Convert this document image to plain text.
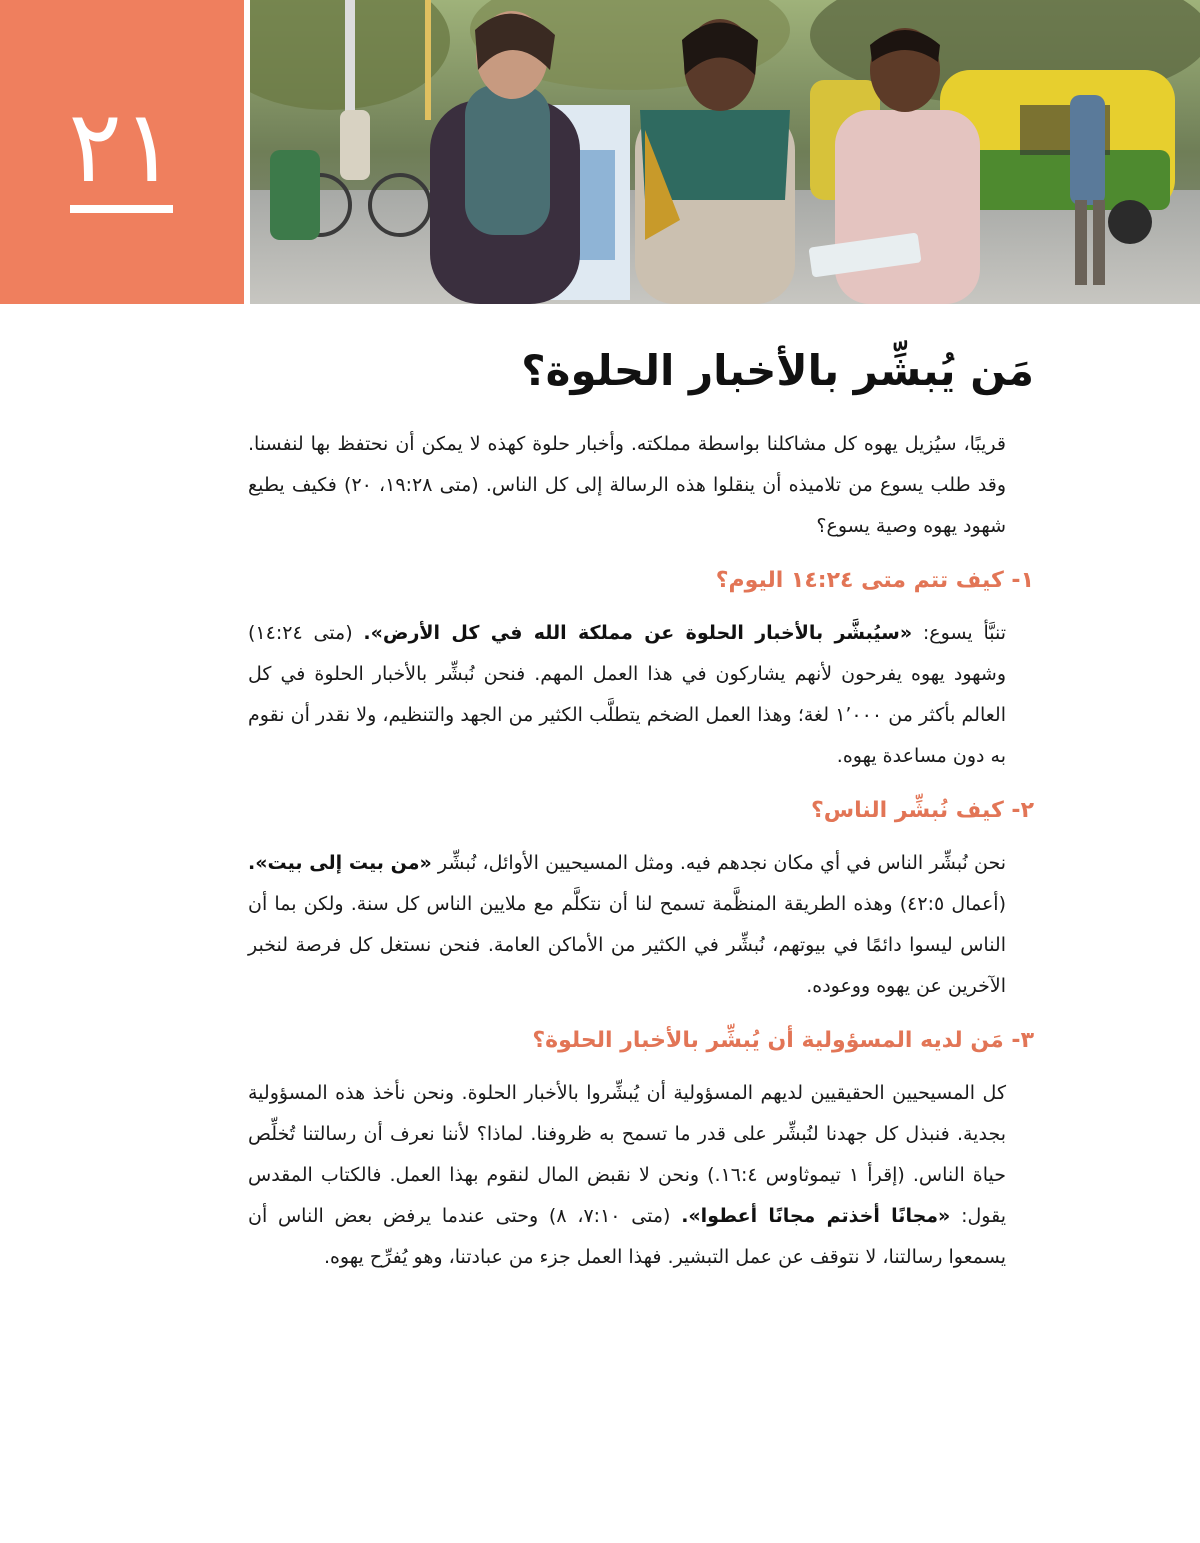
٢١
مَن يُبشِّر بالأخبار الحلوة؟

قريبًا، سيُزيل يهوه كل مشاكلنا بواسطة مملكته. وأخبار حلوة كهذه لا يمكن أن نحتفظ بها لنفسنا. وقد طلب يسوع من تلاميذه أن ينقلوا هذه الرسالة إلى كل الناس. (متى ٢٨:‏١٩، ٢٠) فكيف يطيع شهود يهوه وصية يسوع؟

١- كيف تتم متى ٢٤:‏١٤ اليوم؟

تنبَّأ يسوع: «سيُبشَّر بالأخبار الحلوة عن مملكة الله في كل الأرض». (متى ٢٤:‏١٤) وشهود يهوه يفرحون لأنهم يشاركون في هذا العمل المهم. فنحن نُبشِّر بالأخبار الحلوة في كل العالم بأكثر من ١٬٠٠٠ لغة؛ وهذا العمل الضخم يتطلَّب الكثير من الجهد والتنظيم، ولا نقدر أن نقوم به دون مساعدة يهوه.

٢- كيف نُبشِّر الناس؟

نحن نُبشِّر الناس في أي مكان نجدهم فيه. ومثل المسيحيين الأوائل، نُبشِّر «من بيت إلى بيت». (أعمال ٥:‏٤٢) وهذه الطريقة المنظَّمة تسمح لنا أن نتكلَّم مع ملايين الناس كل سنة. ولكن بما أن الناس ليسوا دائمًا في بيوتهم، نُبشِّر في الكثير من الأماكن العامة. فنحن نستغل كل فرصة لنخبر الآخرين عن يهوه ووعوده.

٣- مَن لديه المسؤولية أن يُبشِّر بالأخبار الحلوة؟

كل المسيحيين الحقيقيين لديهم المسؤولية أن يُبشِّروا بالأخبار الحلوة. ونحن نأخذ هذه المسؤولية بجدية. فنبذل كل جهدنا لنُبشِّر على قدر ما تسمح به ظروفنا. لماذا؟ لأننا نعرف أن رسالتنا تُخلِّص حياة الناس. (إقرأ ١ تيموثاوس ٤:‏١٦.) ونحن لا نقبض المال لنقوم بهذا العمل. فالكتاب المقدس يقول: «مجانًا أخذتم مجانًا أعطوا». (متى ١٠:‏٧، ٨) وحتى عندما يرفض بعض الناس أن يسمعوا رسالتنا، لا نتوقف عن عمل التبشير. فهذا العمل جزء من عبادتنا، وهو يُفرِّح يهوه.
